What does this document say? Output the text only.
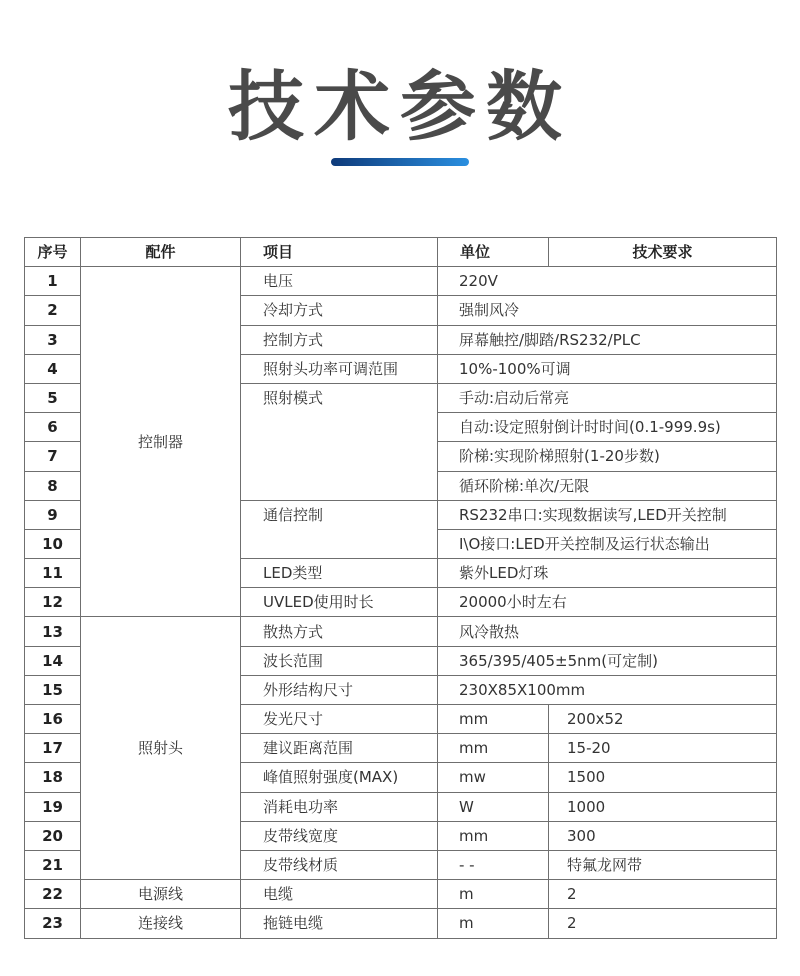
技术参数
序号	配件	项目	单位	技术要求
1	控制器	电压	220V	
2		冷却方式	强制风冷	
3		控制方式	屏幕触控/脚踏/RS232/PLC	
4		照射头功率可调范围	10%-100%可调	
5		照射模式	手动:启动后常亮	
6			自动:设定照射倒计时时间(0.1-999.9s)	
7			阶梯:实现阶梯照射(1-20步数)	
8			循环阶梯:单次/无限	
9		通信控制	RS232串口:实现数据读写,LED开关控制	
10			I\O接口:LED开关控制及运行状态输出	
11		LED类型	紫外LED灯珠	
12		UVLED使用时长	20000小时左右	
13	照射头	散热方式	风冷散热	
14		波长范围	365/395/405±5nm(可定制)	
15		外形结构尺寸	230X85X100mm	
16		发光尺寸	mm	200x52
17		建议距离范围	mm	15-20
18		峰值照射强度(MAX)	mw	1500
19		消耗电功率	W	1000
20		皮带线宽度	mm	300
21		皮带线材质	- -	特氟龙网带
22	电源线	电缆	m	2
23	连接线	拖链电缆	m	2
